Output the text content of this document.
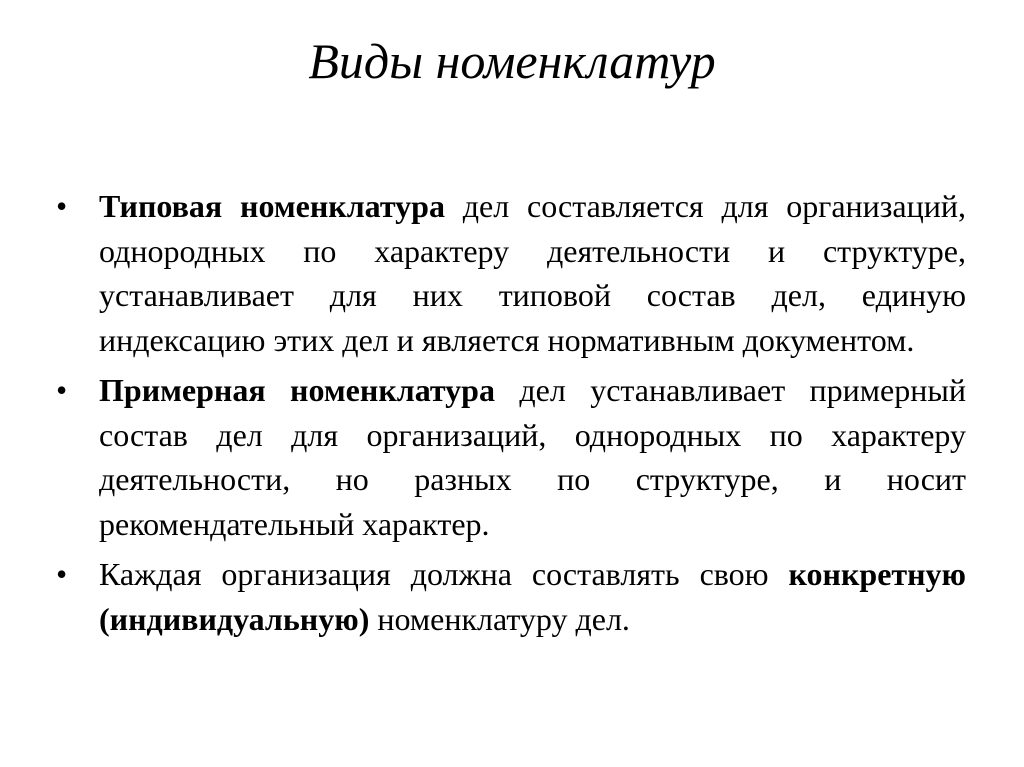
Виды номенклатур
• Типовая номенклатура дел составляется для организаций, однородных по характеру деятельности и структуре, устанавливает для них типовой состав дел, единую индексацию этих дел и является нормативным документом.
• Примерная номенклатура дел устанавливает примерный состав дел для организаций, однородных по характеру деятельности, но разных по структуре, и носит рекомендательный характер.
• Каждая организация должна составлять свою конкретную (индивидуальную) номенклатуру дел.
